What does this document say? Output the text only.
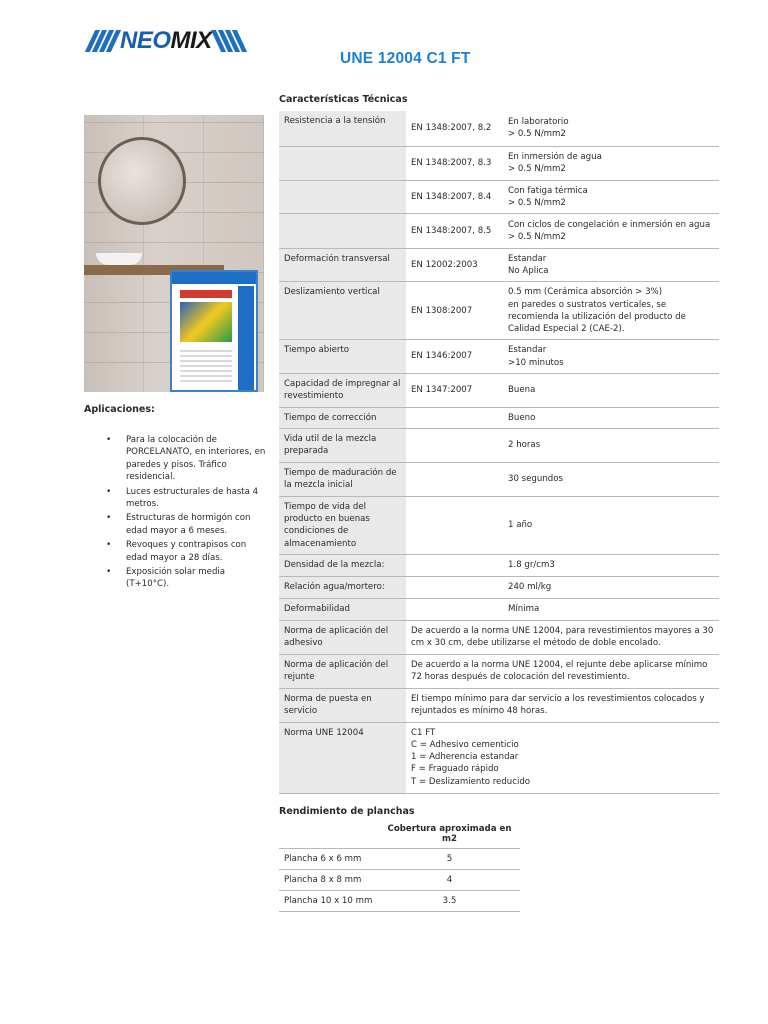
NEO MIX
UNE 12004 C1 FT
Características Técnicas
Aplicaciones:
• Para la colocación de PORCELANATO, en interiores, en paredes y pisos. Tráfico residencial.
• Luces estructurales de hasta 4 metros.
• Estructuras de hormigón con edad mayor a 6 meses.
• Revoques y contrapisos con edad mayor a 28 días.
• Exposición solar media (T+10°C).
Resistencia a la tensión	EN 1348:2007, 8.2	En laboratorio
> 0.5 N/mm2
	EN 1348:2007, 8.3	En inmersión de agua
> 0.5 N/mm2
	EN 1348:2007, 8.4	Con fatiga térmica
> 0.5 N/mm2
	EN 1348:2007, 8.5	Con ciclos de congelación e inmersión en agua
> 0.5 N/mm2
Deformación transversal	EN 12002:2003	Estandar
No Aplica
Deslizamiento vertical	EN 1308:2007	0.5 mm (Cerámica absorción > 3%)
en paredes o sustratos verticales, se recomienda la utilización del producto de Calidad Especial 2 (CAE-2).
Tiempo abierto	EN 1346:2007	Estandar
>10 minutos
Capacidad de impregnar al revestimiento	EN 1347:2007	Buena
Tiempo de corrección		Bueno
Vida util de la mezcla preparada		2 horas
Tiempo de maduración de la mezcla inicial		30 segundos
Tiempo de vida del producto en buenas condiciones de almacenamiento		1 año
Densidad de la mezcla:		1.8 gr/cm3
Relación agua/mortero:		240 ml/kg
Deformabilidad		Mínima
Norma de aplicación del adhesivo	De acuerdo a la norma UNE 12004, para revestimientos mayores a 30 cm x 30 cm, debe utilizarse el método de doble encolado.	
Norma de aplicación del rejunte	De acuerdo a la norma UNE 12004, el rejunte debe aplicarse mínimo 72 horas después de colocación del revestimiento.	
Norma de puesta en servicio	El tiempo mínimo para dar servicio a los revestimientos colocados y rejuntados es mínimo 48 horas.	
Norma UNE 12004	C1 FT
C = Adhesivo cementicio
1 = Adherencia estandar
F = Fraguado rápido
T = Deslizamiento reducido	
Rendimiento de planchas
	Cobertura aproximada en m2
Plancha 6 x 6 mm	5
Plancha 8 x 8 mm	4
Plancha 10 x 10 mm	3.5
